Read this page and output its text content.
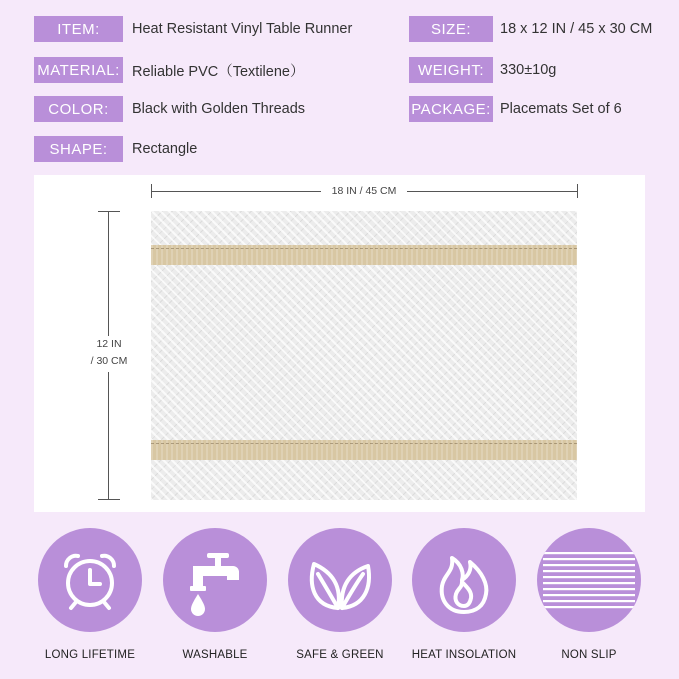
ITEM:	Heat Resistant Vinyl Table Runner	SIZE:	18 x 12 IN / 45 x 30 CM
MATERIAL: Reliable PVC（Textilene）	WEIGHT:	330±10g
COLOR:	Black with Golden Threads	PACKAGE: Placemats Set of 6
SHAPE:	Rectangle
18 IN / 45 CM
12 IN
/ 30 CM
LONG LIFETIME	WASHABLE	SAFE & GREEN	HEAT INSOLATION	NON SLIP
